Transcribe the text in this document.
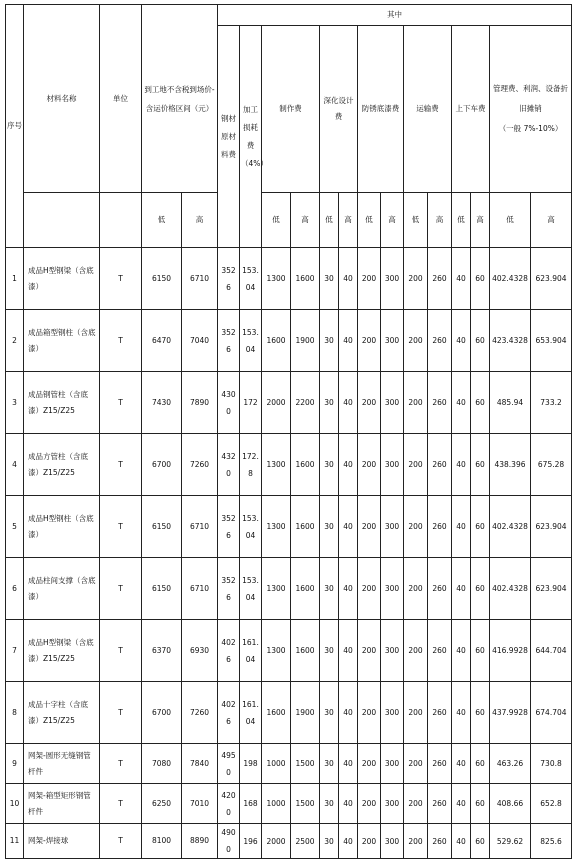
序号	材料名称	单位	到工地不含税到场价-含运价格区间（元）		其中													
					钢材原材料费	加工损耗费（4%）	制作费		深化设计费		防锈底漆费		运输费		上下车费		管理费、利润、设备折旧摊销
（一般 7%-10%）	
			低	高			低	高	低	高	低	高	低	高	低	高	低	高
1	成品H型钢梁（含底漆）	T	6150	6710	3526	153.04	1300	1600	30	40	200	300	200	260	40	60	402.4328	623.904
2	成品箱型钢柱（含底漆）	T	6470	7040	3526	153.04	1600	1900	30	40	200	300	200	260	40	60	423.4328	653.904
3	成品钢管柱（含底漆）Z15/Z25	T	7430	7890	4300	172	2000	2200	30	40	200	300	200	260	40	60	485.94	733.2
4	成品方管柱（含底漆）Z15/Z25	T	6700	7260	4320	172.8	1300	1600	30	40	200	300	200	260	40	60	438.396	675.28
5	成品H型钢柱（含底漆）	T	6150	6710	3526	153.04	1300	1600	30	40	200	300	200	260	40	60	402.4328	623.904
6	成品柱间支撑（含底漆）	T	6150	6710	3526	153.04	1300	1600	30	40	200	300	200	260	40	60	402.4328	623.904
7	成品H型钢梁（含底漆）Z15/Z25	T	6370	6930	4026	161.04	1300	1600	30	40	200	300	200	260	40	60	416.9928	644.704
8	成品十字柱（含底漆）Z15/Z25	T	6700	7260	4026	161.04	1600	1900	30	40	200	300	200	260	40	60	437.9928	674.704
9	网架-圆形无缝钢管杆件	T	7080	7840	4950	198	1000	1500	30	40	200	300	200	260	40	60	463.26	730.8
10	网架-箱型矩形钢管杆件	T	6250	7010	4200	168	1000	1500	30	40	200	300	200	260	40	60	408.66	652.8
11	网架-焊接球	T	8100	8890	4900	196	2000	2500	30	40	200	300	200	260	40	60	529.62	825.6
